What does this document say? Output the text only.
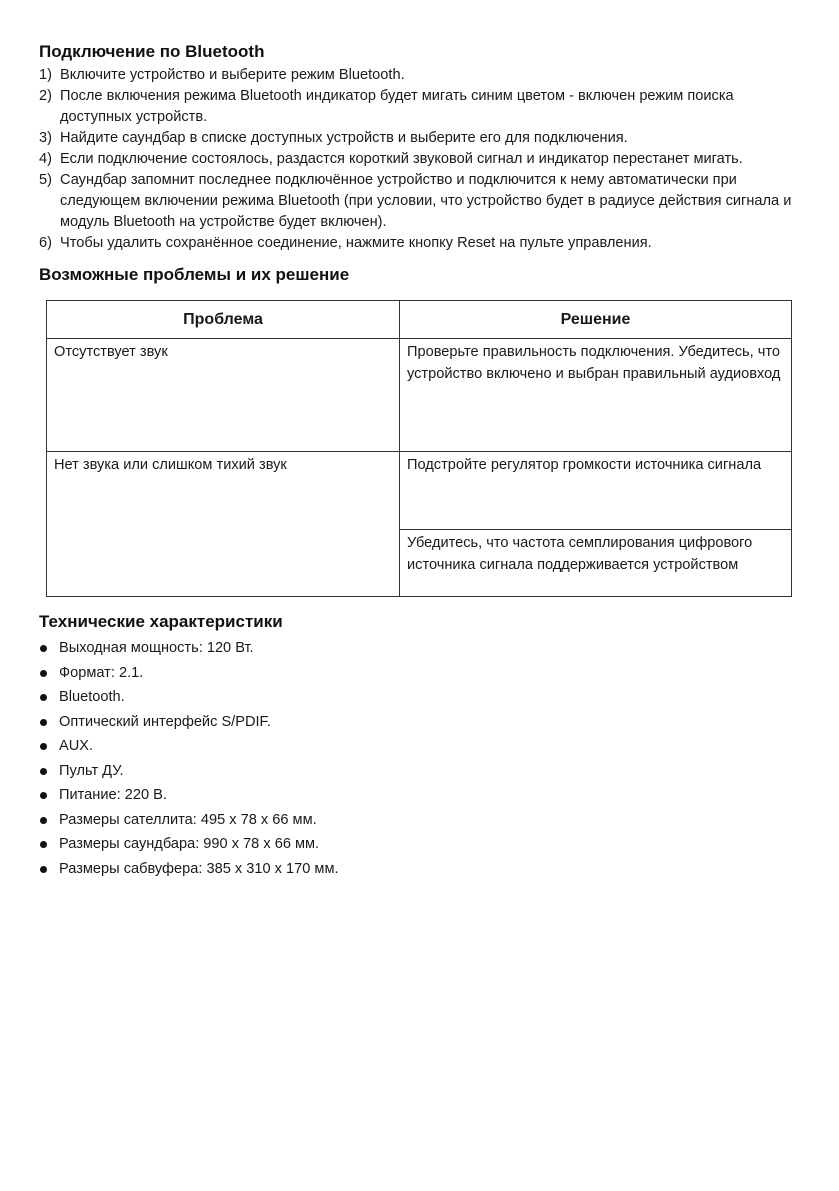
Подключение по Bluetooth
1) Включите устройство и выберите режим Bluetooth.
2) После включения режима Bluetooth индикатор будет мигать синим цветом - включен режим поиска доступных устройств.
3) Найдите саундбар в списке доступных устройств и выберите его для подключения.
4) Если подключение состоялось, раздастся короткий звуковой сигнал и индикатор перестанет мигать.
5) Саундбар запомнит последнее подключённое устройство и подключится к нему автоматически при следующем включении режима Bluetooth (при условии, что устройство будет в радиусе действия сигнала и модуль Bluetooth на устройстве будет включен).
6) Чтобы удалить сохранённое соединение, нажмите кнопку Reset на пульте управления.
Возможные проблемы и их решение
Проблема	Решение
Отсутствует звук	Проверьте правильность подключения. Убедитесь, что устройство включено и выбран правильный аудиовход
Нет звука или слишком тихий звук	Подстройте регулятор громкости источника сигнала
	Убедитесь, что частота семплирования цифрового источника сигнала поддерживается устройством
Технические характеристики
Выходная мощность: 120 Вт.
Формат: 2.1.
Bluetooth.
Оптический интерфейс S/PDIF.
AUX.
Пульт ДУ.
Питание: 220 В.
Размеры сателлита: 495 x 78 x 66 мм.
Размеры саундбара: 990 x 78 x 66 мм.
Размеры сабвуфера: 385 x 310 x 170 мм.
